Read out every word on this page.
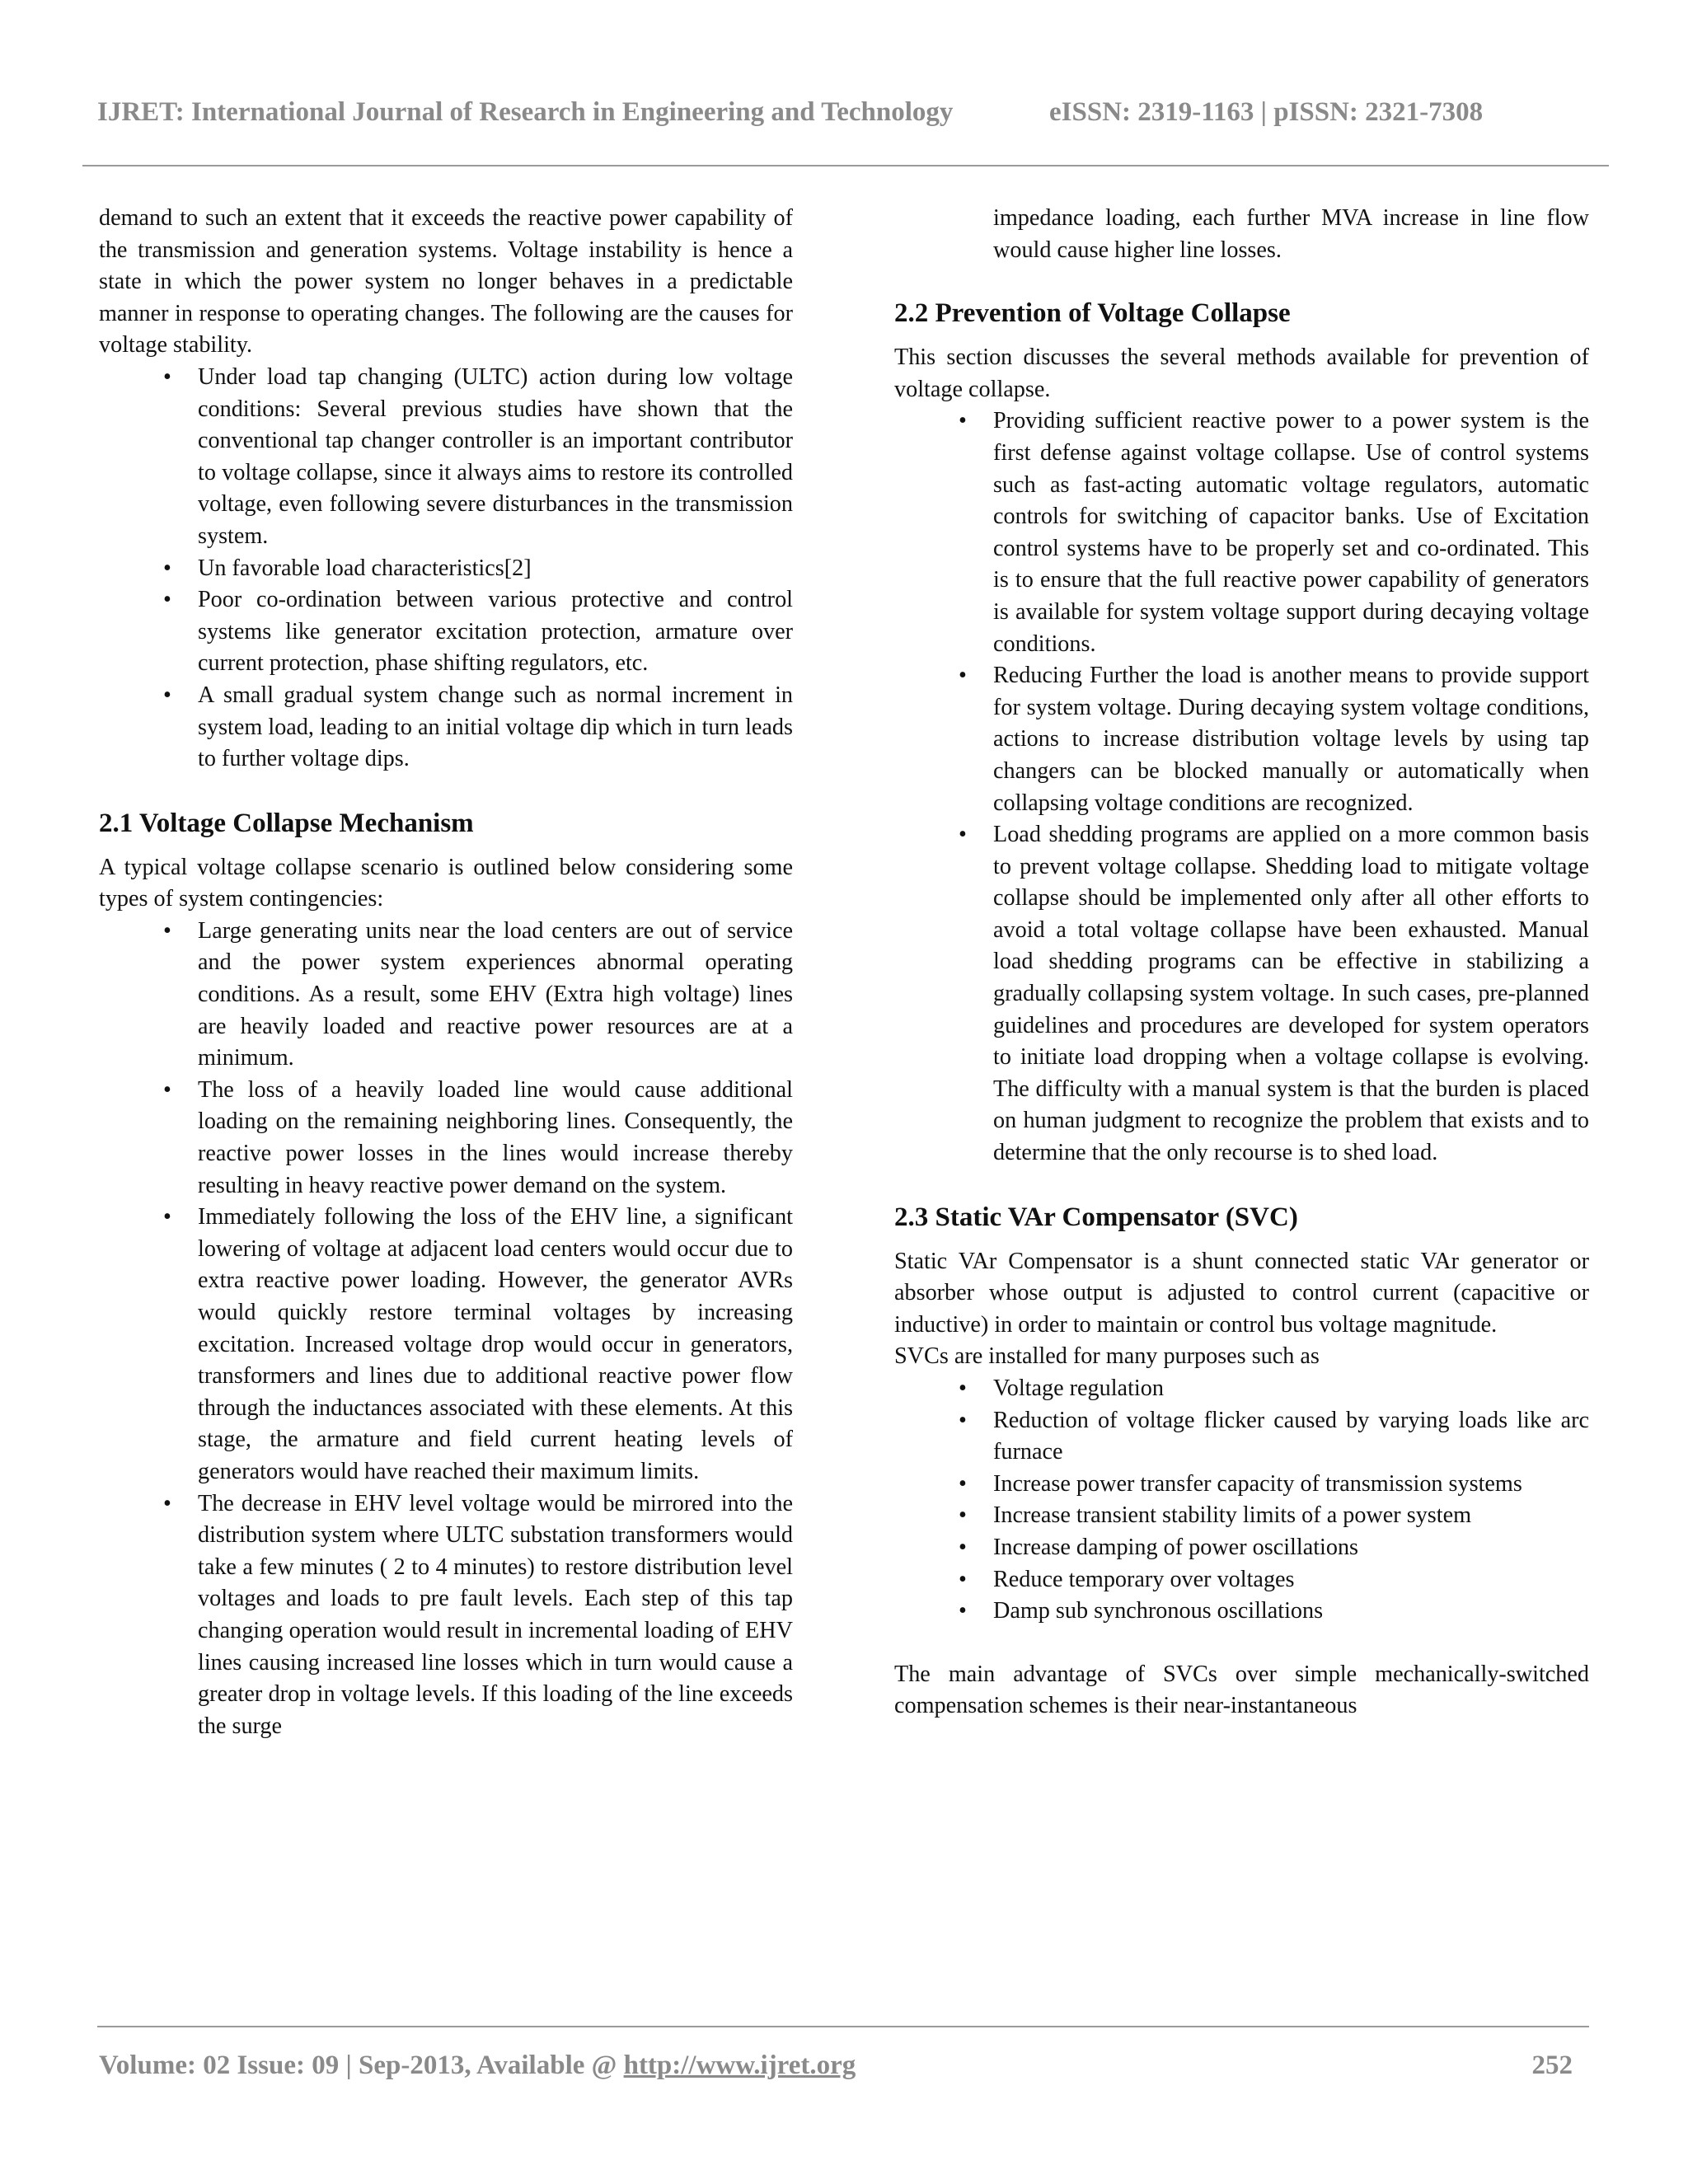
IJRET: International Journal of Research in Engineering and Technology	eISSN: 2319-1163 | pISSN: 2321-7308

demand to such an extent that it exceeds the reactive power capability of the transmission and generation systems. Voltage instability is hence a state in which the power system no longer behaves in a predictable manner in response to operating changes. The following are the causes for voltage stability.

• Under load tap changing (ULTC) action during low voltage conditions: Several previous studies have shown that the conventional tap changer controller is an important contributor to voltage collapse, since it always aims to restore its controlled voltage, even following severe disturbances in the transmission system.
• Un favorable load characteristics[2]
• Poor co-ordination between various protective and control systems like generator excitation protection, armature over current protection, phase shifting regulators, etc.
• A small gradual system change such as normal increment in system load, leading to an initial voltage dip which in turn leads to further voltage dips.
2.1 Voltage Collapse Mechanism

A typical voltage collapse scenario is outlined below considering some types of system contingencies:

• Large generating units near the load centers are out of service and the power system experiences abnormal operating conditions. As a result, some EHV (Extra high voltage) lines are heavily loaded and reactive power resources are at a minimum.
• The loss of a heavily loaded line would cause additional loading on the remaining neighboring lines. Consequently, the reactive power losses in the lines would increase thereby resulting in heavy reactive power demand on the system.
• Immediately following the loss of the EHV line, a significant lowering of voltage at adjacent load centers would occur due to extra reactive power loading. However, the generator AVRs would quickly restore terminal voltages by increasing excitation. Increased voltage drop would occur in generators, transformers and lines due to additional reactive power flow through the inductances associated with these elements. At this stage, the armature and field current heating levels of generators would have reached their maximum limits.
• The decrease in EHV level voltage would be mirrored into the distribution system where ULTC substation transformers would take a few minutes ( 2 to 4 minutes) to restore distribution level voltages and loads to pre fault levels. Each step of this tap changing operation would result in incremental loading of EHV lines causing increased line losses which in turn would cause a greater drop in voltage levels. If this loading of the line exceeds the surge

impedance loading, each further MVA increase in line flow would cause higher line losses.

2.2 Prevention of Voltage Collapse

This section discusses the several methods available for prevention of voltage collapse.

• Providing sufficient reactive power to a power system is the first defense against voltage collapse. Use of control systems such as fast-acting automatic voltage regulators, automatic controls for switching of capacitor banks. Use of Excitation control systems have to be properly set and co-ordinated. This is to ensure that the full reactive power capability of generators is available for system voltage support during decaying voltage conditions.
• Reducing Further the load is another means to provide support for system voltage. During decaying system voltage conditions, actions to increase distribution voltage levels by using tap changers can be blocked manually or automatically when collapsing voltage conditions are recognized.
• Load shedding programs are applied on a more common basis to prevent voltage collapse. Shedding load to mitigate voltage collapse should be implemented only after all other efforts to avoid a total voltage collapse have been exhausted. Manual load shedding programs can be effective in stabilizing a gradually collapsing system voltage. In such cases, pre-planned guidelines and procedures are developed for system operators to initiate load dropping when a voltage collapse is evolving. The difficulty with a manual system is that the burden is placed on human judgment to recognize the problem that exists and to determine that the only recourse is to shed load.
2.3 Static VAr Compensator (SVC)

Static VAr Compensator is a shunt connected static VAr generator or absorber whose output is adjusted to control current (capacitive or inductive) in order to maintain or control bus voltage magnitude.

SVCs are installed for many purposes such as

• Voltage regulation
• Reduction of voltage flicker caused by varying loads like arc furnace
• Increase power transfer capacity of transmission systems
• Increase transient stability limits of a power system
• Increase damping of power oscillations
• Reduce temporary over voltages
• Damp sub synchronous oscillations

The main advantage of SVCs over simple mechanically-switched compensation schemes is their near-instantaneous

Volume: 02 Issue: 09 | Sep-2013, Available @ http://www.ijret.org	252
